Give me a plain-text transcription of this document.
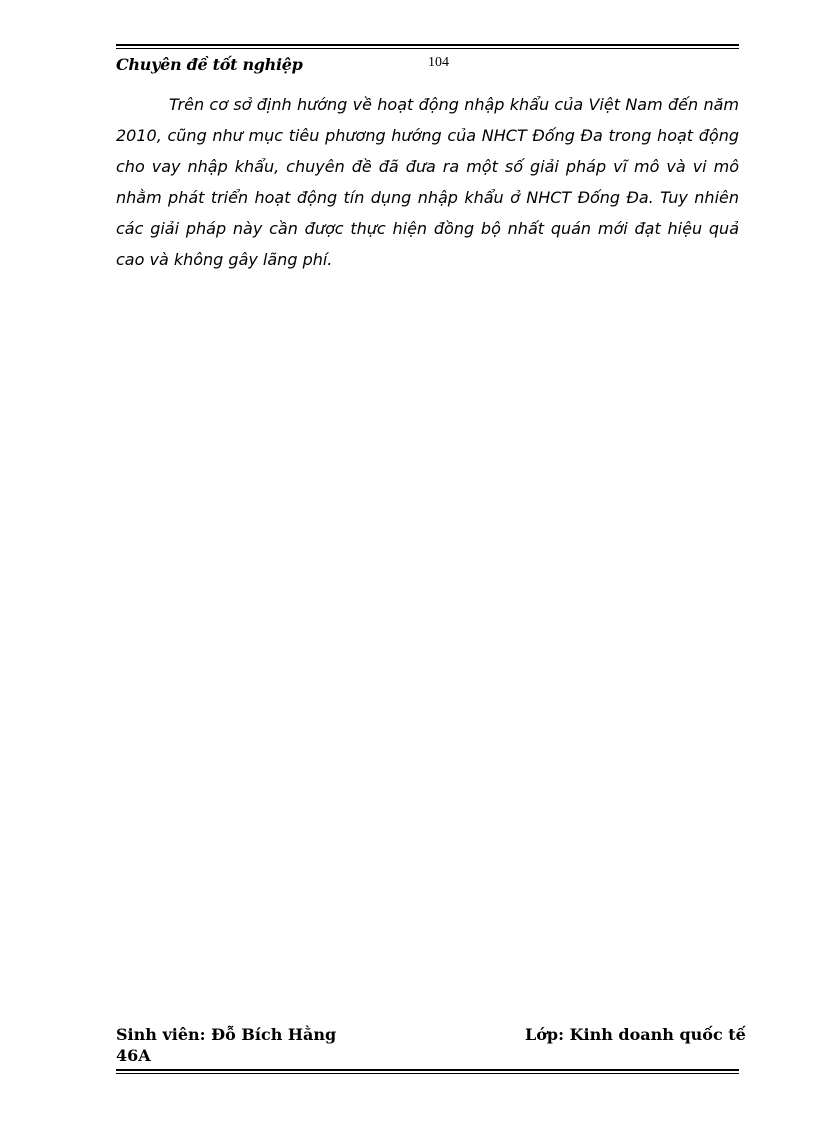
Chuyên đề tốt nghiệp	104

Trên cơ sở định hướng về hoạt động nhập khẩu của Việt Nam đến năm 2010, cũng như mục tiêu phương hướng của NHCT Đống Đa trong hoạt động cho vay nhập khẩu, chuyên đề đã đưa ra một số giải pháp vĩ mô và vi mô nhằm phát triển hoạt động tín dụng nhập khẩu ở NHCT Đống Đa. Tuy nhiên các giải pháp này cần được thực hiện đồng bộ nhất quán mới đạt hiệu quả cao và không gây lãng phí.

Sinh viên: Đỗ Bích Hằng	Lớp: Kinh doanh quốc tế
46A
